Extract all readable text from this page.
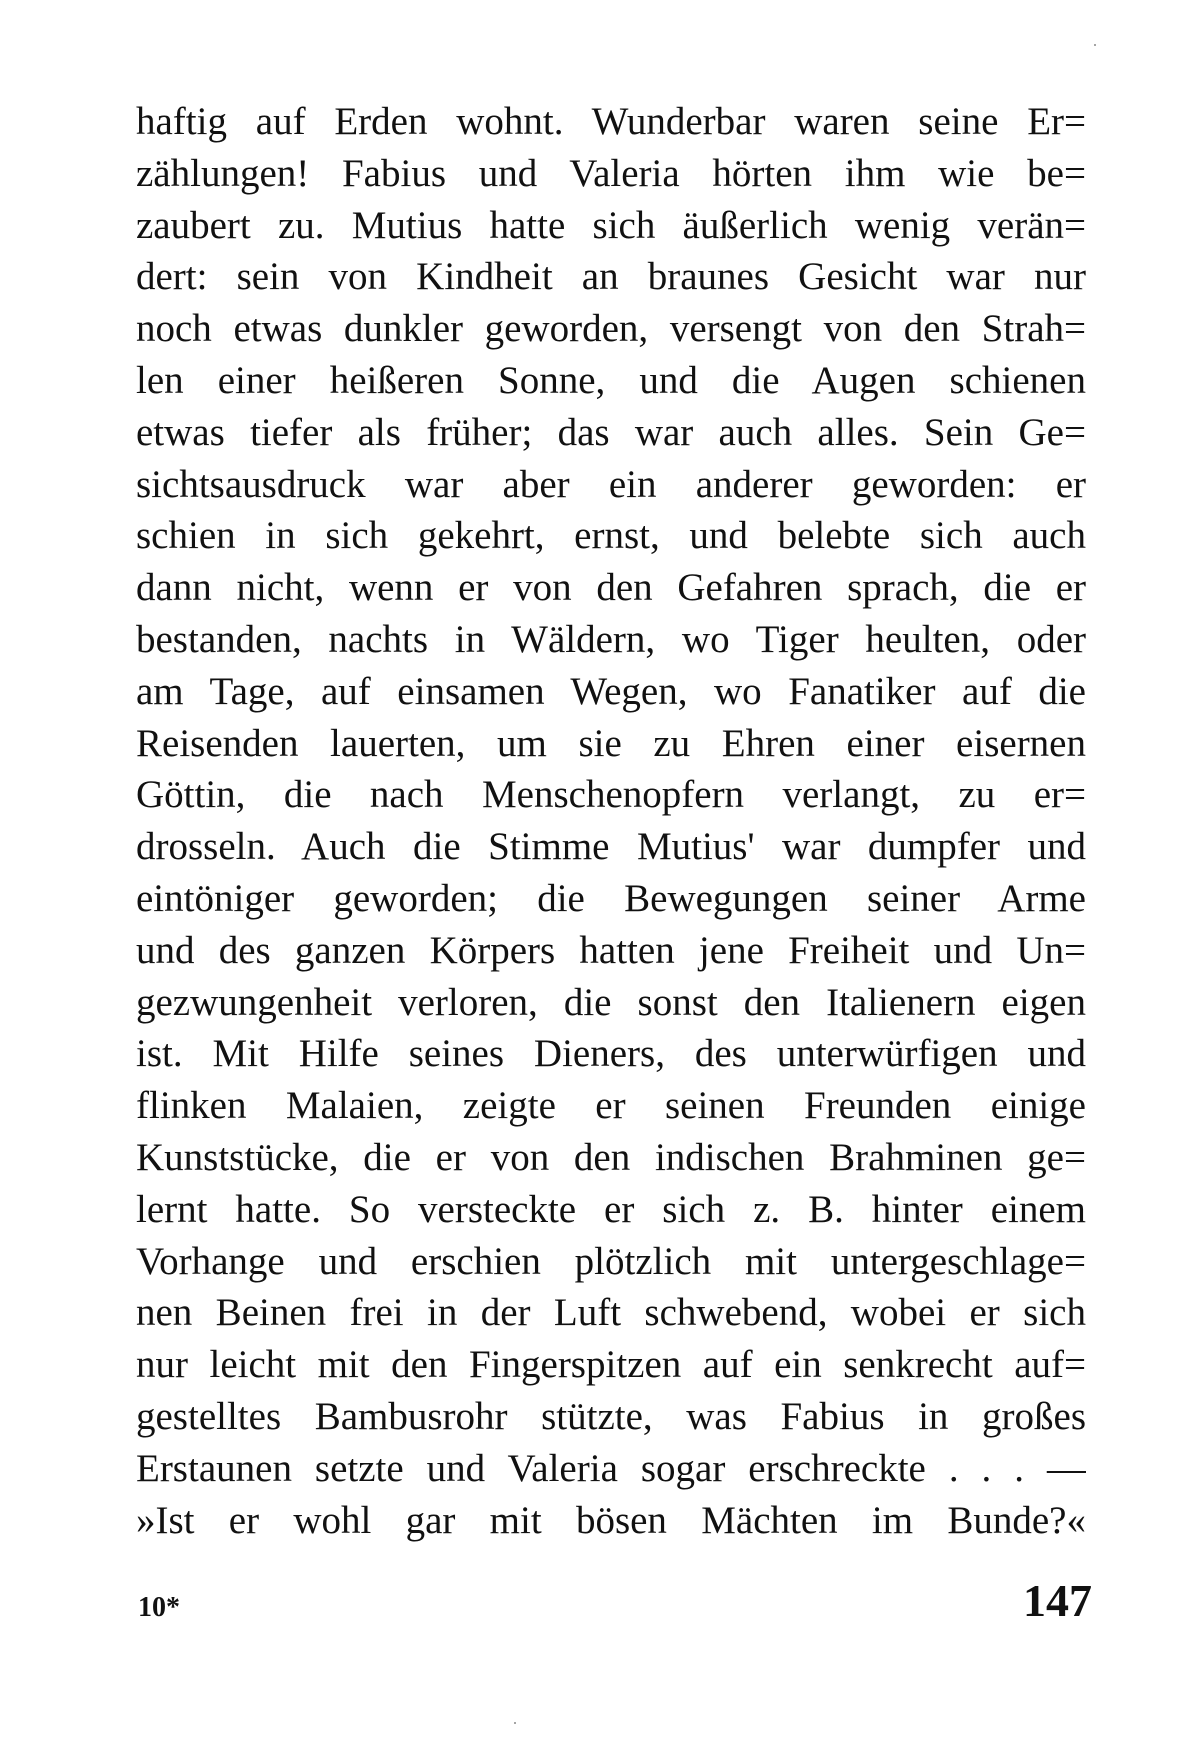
haftig auf Erden wohnt. Wunderbar waren seine Er=
zählungen! Fabius und Valeria hörten ihm wie be=
zaubert zu. Mutius hatte sich äußerlich wenig verän=
dert: sein von Kindheit an braunes Gesicht war nur
noch etwas dunkler geworden, versengt von den Strah=
len einer heißeren Sonne, und die Augen schienen
etwas tiefer als früher; das war auch alles. Sein Ge=
sichtsausdruck war aber ein anderer geworden: er
schien in sich gekehrt, ernst, und belebte sich auch
dann nicht, wenn er von den Gefahren sprach, die er
bestanden, nachts in Wäldern, wo Tiger heulten, oder
am Tage, auf einsamen Wegen, wo Fanatiker auf die
Reisenden lauerten, um sie zu Ehren einer eisernen
Göttin, die nach Menschenopfern verlangt, zu er=
drosseln. Auch die Stimme Mutius' war dumpfer und
eintöniger geworden; die Bewegungen seiner Arme
und des ganzen Körpers hatten jene Freiheit und Un=
gezwungenheit verloren, die sonst den Italienern eigen
ist. Mit Hilfe seines Dieners, des unterwürfigen und
flinken Malaien, zeigte er seinen Freunden einige
Kunststücke, die er von den indischen Brahminen ge=
lernt hatte. So versteckte er sich z. B. hinter einem
Vorhange und erschien plötzlich mit untergeschlage=
nen Beinen frei in der Luft schwebend, wobei er sich
nur leicht mit den Fingerspitzen auf ein senkrecht auf=
gestelltes Bambusrohr stützte, was Fabius in großes
Erstaunen setzte und Valeria sogar erschreckte . . . —
»Ist er wohl gar mit bösen Mächten im Bunde?«
10*	147
